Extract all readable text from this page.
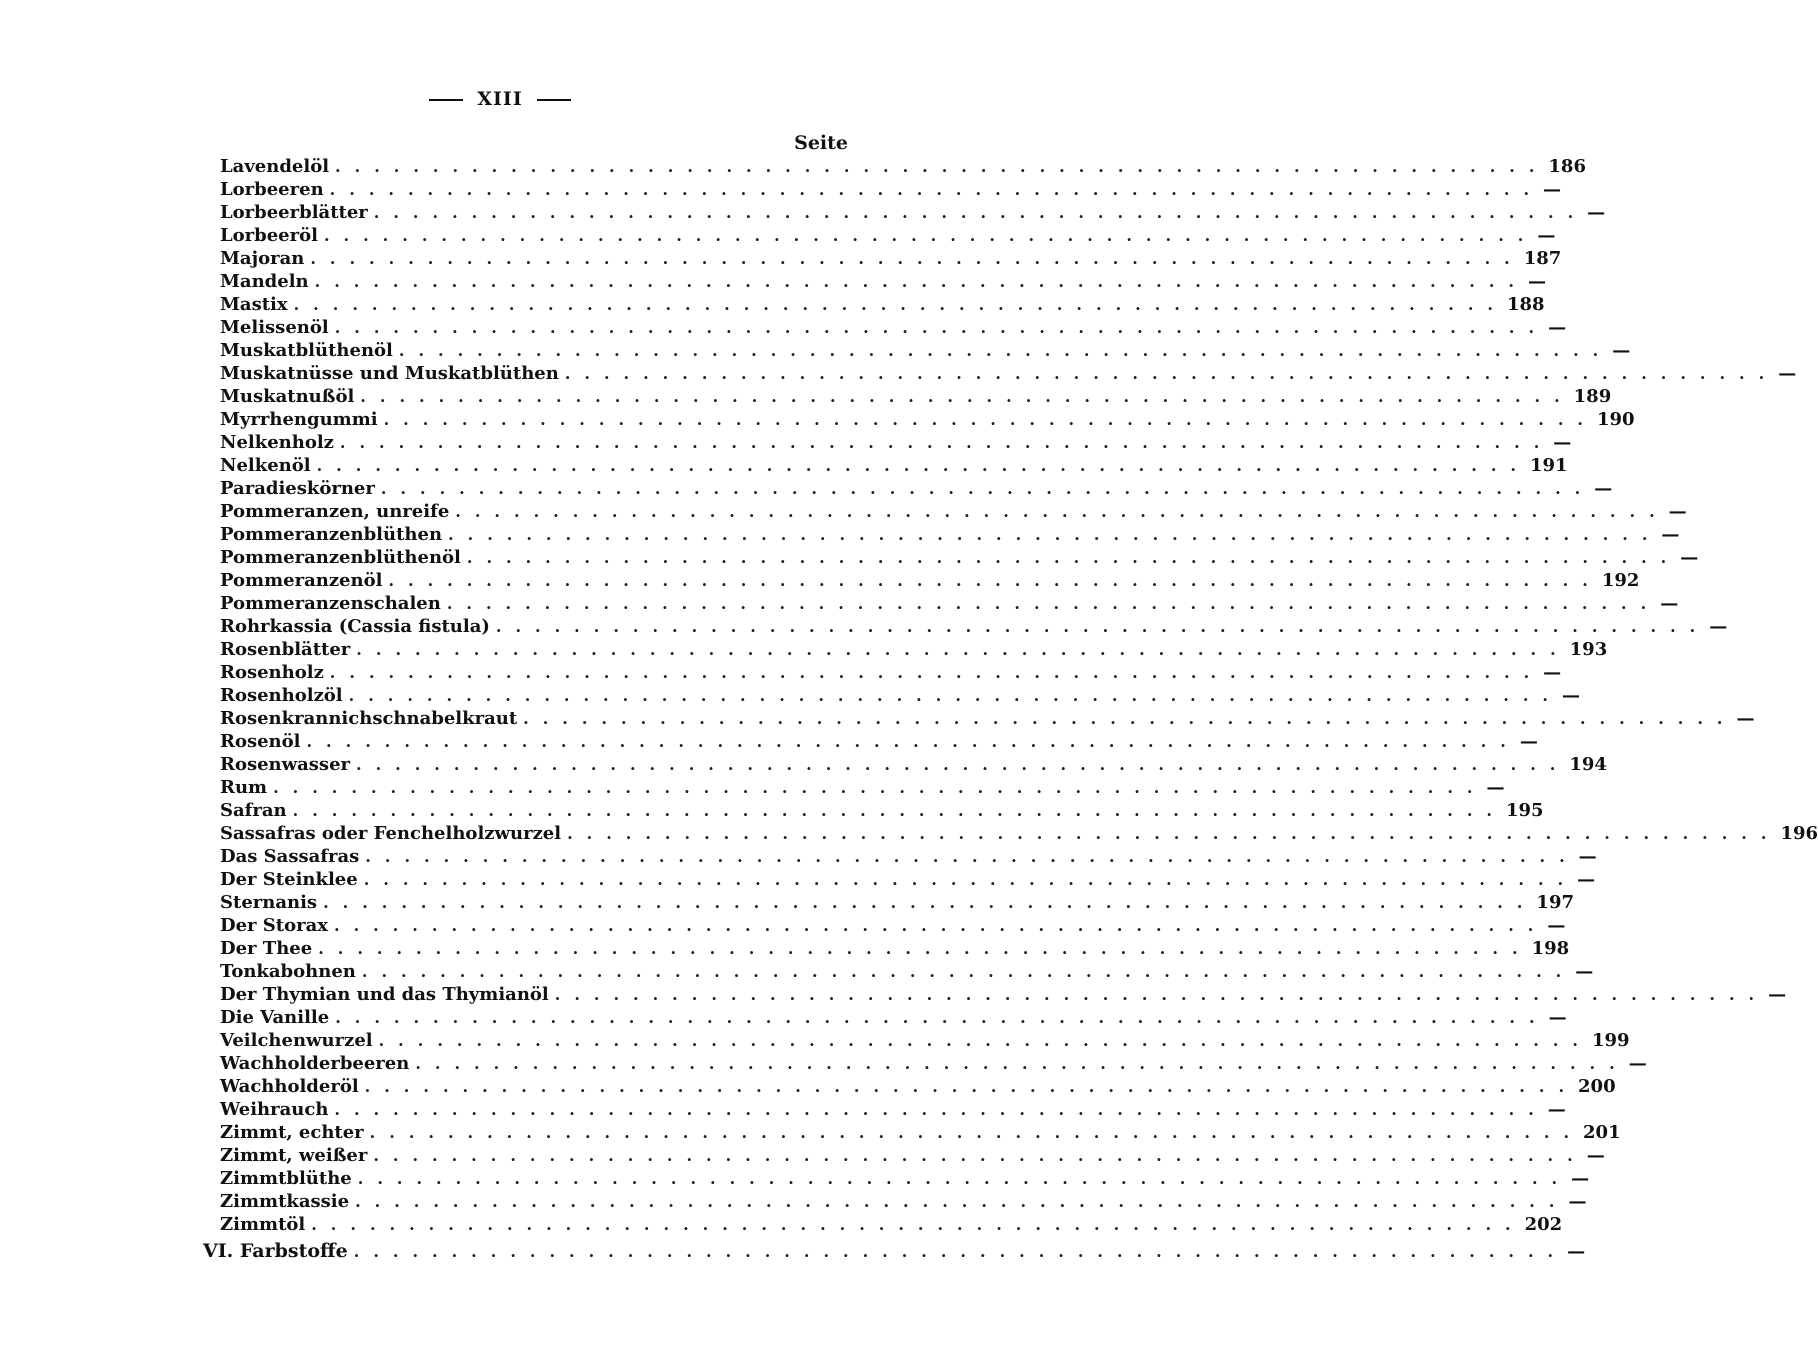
XIII
Seite
Lavendelöl .............................................................. 186
Lorbeeren .............................................................. —
Lorbeerblätter .............................................................. —
Lorbeeröl .............................................................. —
Majoran .............................................................. 187
Mandeln .............................................................. —
Mastix .............................................................. 188
Melissenöl .............................................................. —
Muskatblüthenöl .............................................................. —
Muskatnüsse und Muskatblüthen .............................................................. —
Muskatnußöl .............................................................. 189
Myrrhengummi .............................................................. 190
Nelkenholz .............................................................. —
Nelkenöl .............................................................. 191
Paradieskörner .............................................................. —
Pommeranzen, unreife .............................................................. —
Pommeranzenblüthen .............................................................. —
Pommeranzenblüthenöl .............................................................. —
Pommeranzenöl .............................................................. 192
Pommeranzenschalen .............................................................. —
Rohrkassia (Cassia fistula) .............................................................. —
Rosenblätter .............................................................. 193
Rosenholz .............................................................. —
Rosenholzöl .............................................................. —
Rosenkrannichschnabelkraut .............................................................. —
Rosenöl .............................................................. —
Rosenwasser .............................................................. 194
Rum .............................................................. —
Safran .............................................................. 195
Sassafras oder Fenchelholzwurzel .............................................................. 196
Das Sassafras .............................................................. —
Der Steinklee .............................................................. —
Sternanis .............................................................. 197
Der Storax .............................................................. —
Der Thee .............................................................. 198
Tonkabohnen .............................................................. —
Der Thymian und das Thymianöl .............................................................. —
Die Vanille .............................................................. —
Veilchenwurzel .............................................................. 199
Wachholderbeeren .............................................................. —
Wachholderöl .............................................................. 200
Weihrauch .............................................................. —
Zimmt, echter .............................................................. 201
Zimmt, weißer .............................................................. —
Zimmtblüthe .............................................................. —
Zimmtkassie .............................................................. —
Zimmtöl .............................................................. 202
VI. Farbstoffe .............................................................. —
